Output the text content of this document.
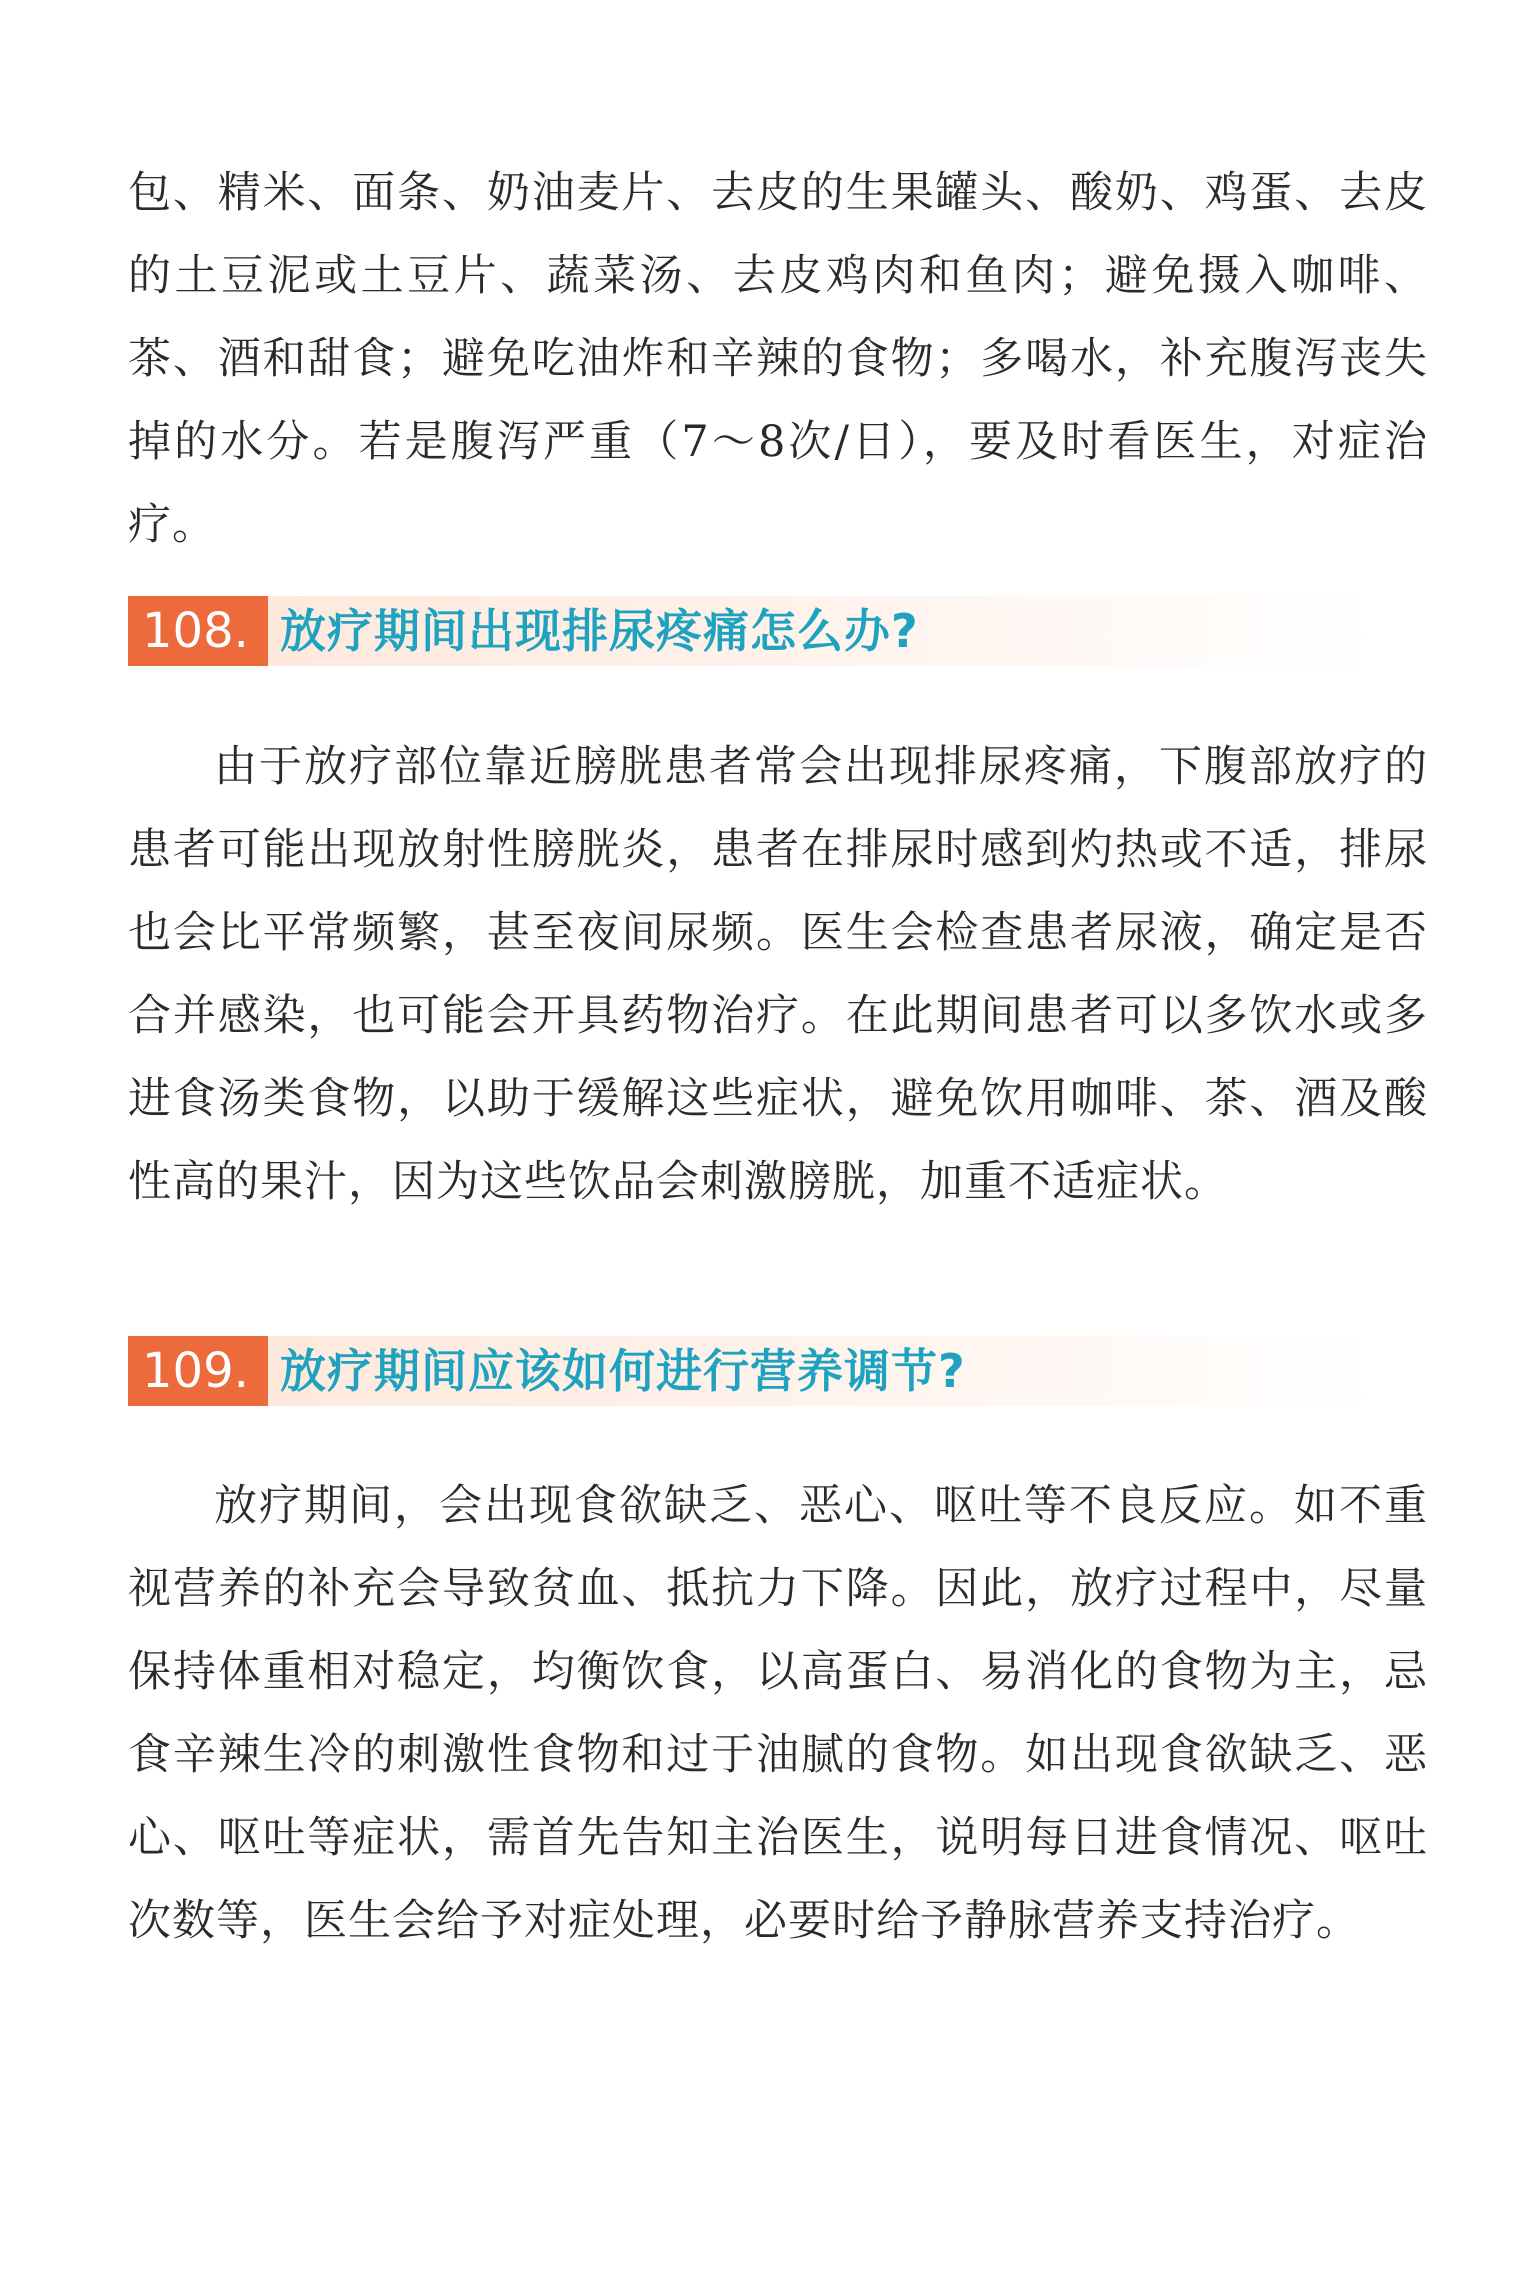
包、精米、面条、奶油麦片、去皮的生果罐头、酸奶、鸡蛋、去皮的土豆泥或土豆片、蔬菜汤、去皮鸡肉和鱼肉；避免摄入咖啡、茶、酒和甜食；避免吃油炸和辛辣的食物；多喝水，补充腹泻丧失掉的水分。若是腹泻严重（7～8次/日），要及时看医生，对症治疗。

108. 放疗期间出现排尿疼痛怎么办?

由于放疗部位靠近膀胱患者常会出现排尿疼痛，下腹部放疗的患者可能出现放射性膀胱炎，患者在排尿时感到灼热或不适，排尿也会比平常频繁，甚至夜间尿频。医生会检查患者尿液，确定是否合并感染，也可能会开具药物治疗。在此期间患者可以多饮水或多进食汤类食物，以助于缓解这些症状，避免饮用咖啡、茶、酒及酸性高的果汁，因为这些饮品会刺激膀胱，加重不适症状。

109. 放疗期间应该如何进行营养调节?

放疗期间，会出现食欲缺乏、恶心、呕吐等不良反应。如不重视营养的补充会导致贫血、抵抗力下降。因此，放疗过程中，尽量保持体重相对稳定，均衡饮食，以高蛋白、易消化的食物为主，忌食辛辣生冷的刺激性食物和过于油腻的食物。如出现食欲缺乏、恶心、呕吐等症状，需首先告知主治医生，说明每日进食情况、呕吐次数等，医生会给予对症处理，必要时给予静脉营养支持治疗。
